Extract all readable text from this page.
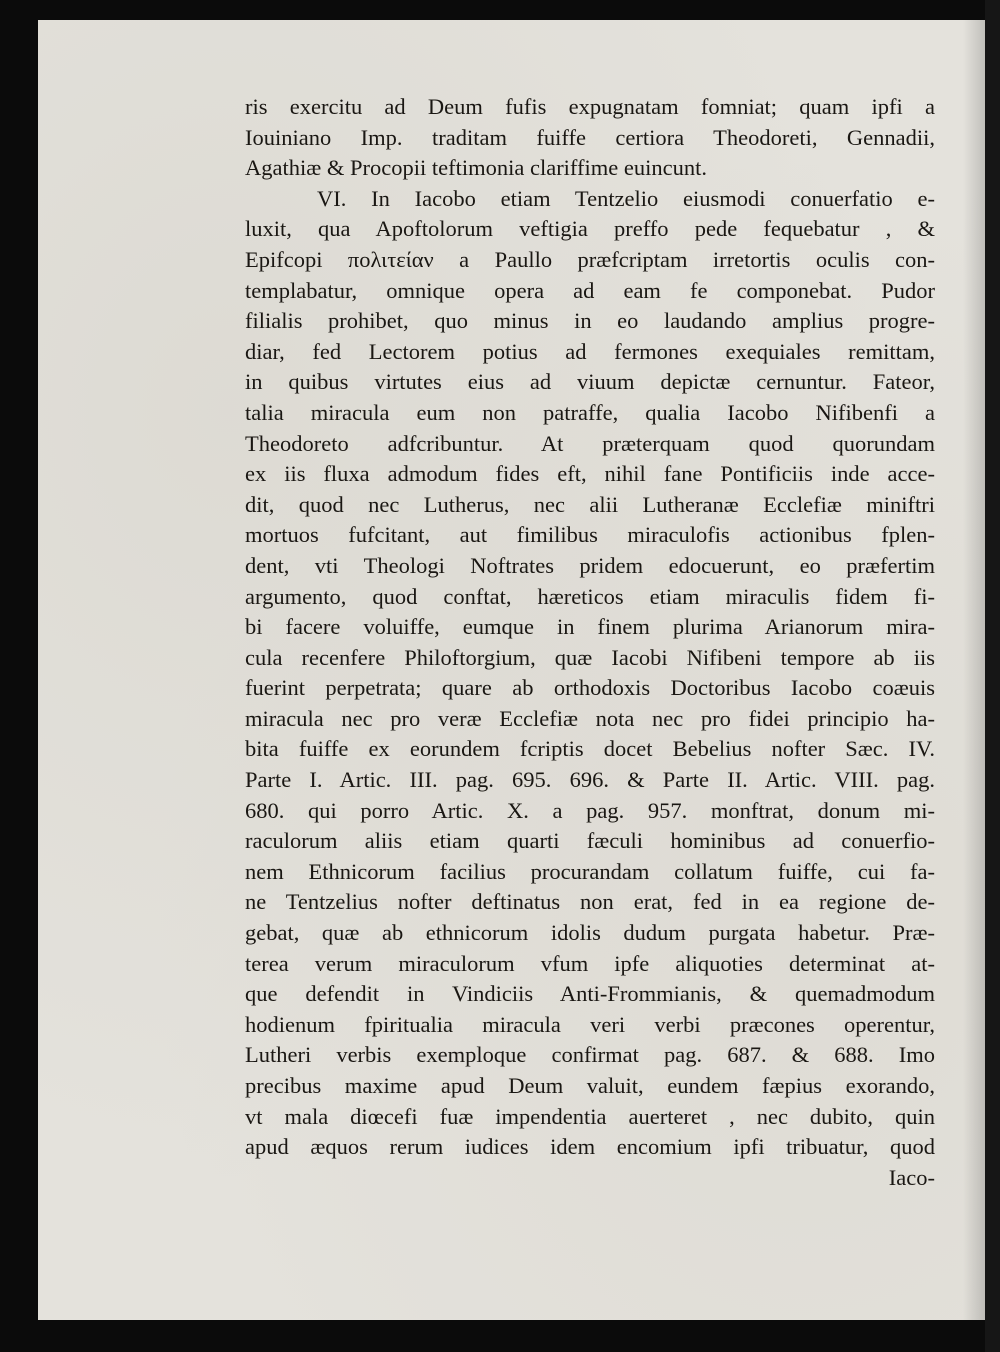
ris exercitu ad Deum fufis expugnatam fomniat; quam ipfi a
Iouiniano Imp. traditam fuiffe certiora Theodoreti, Gennadii,
Agathiæ & Procopii teftimonia clariffime euincunt.
VI. In Iacobo etiam Tentzelio eiusmodi conuerfatio e-
luxit, qua Apoftolorum veftigia preffo pede fequebatur , &
Epifcopi πολιτείαν a Paullo præfcriptam irretortis oculis con-
templabatur, omnique opera ad eam fe componebat. Pudor
filialis prohibet, quo minus in eo laudando amplius progre-
diar, fed Lectorem potius ad fermones exequiales remittam,
in quibus virtutes eius ad viuum depictæ cernuntur. Fateor,
talia miracula eum non patraffe, qualia Iacobo Nifibenfi a
Theodoreto adfcribuntur. At præterquam quod quorundam
ex iis fluxa admodum fides eft, nihil fane Pontificiis inde acce-
dit, quod nec Lutherus, nec alii Lutheranæ Ecclefiæ miniftri
mortuos fufcitant, aut fimilibus miraculofis actionibus fplen-
dent, vti Theologi Noftrates pridem edocuerunt, eo præfertim
argumento, quod conftat, hæreticos etiam miraculis fidem fi-
bi facere voluiffe, eumque in finem plurima Arianorum mira-
cula recenfere Philoftorgium, quæ Iacobi Nifibeni tempore ab iis
fuerint perpetrata; quare ab orthodoxis Doctoribus Iacobo coæuis
miracula nec pro veræ Ecclefiæ nota nec pro fidei principio ha-
bita fuiffe ex eorundem fcriptis docet Bebelius nofter Sæc. IV.
Parte I. Artic. III. pag. 695. 696. & Parte II. Artic. VIII. pag.
680. qui porro Artic. X. a pag. 957. monftrat, donum mi-
raculorum aliis etiam quarti fæculi hominibus ad conuerfio-
nem Ethnicorum facilius procurandam collatum fuiffe, cui fa-
ne Tentzelius nofter deftinatus non erat, fed in ea regione de-
gebat, quæ ab ethnicorum idolis dudum purgata habetur. Præ-
terea verum miraculorum vfum ipfe aliquoties determinat at-
que defendit in Vindiciis Anti-Frommianis, & quemadmodum
hodienum fpiritualia miracula veri verbi præcones operentur,
Lutheri verbis exemploque confirmat pag. 687. & 688. Imo
precibus maxime apud Deum valuit, eundem fæpius exorando,
vt mala diœcefi fuæ impendentia auerteret , nec dubito, quin
apud æquos rerum iudices idem encomium ipfi tribuatur, quod
Iaco-
